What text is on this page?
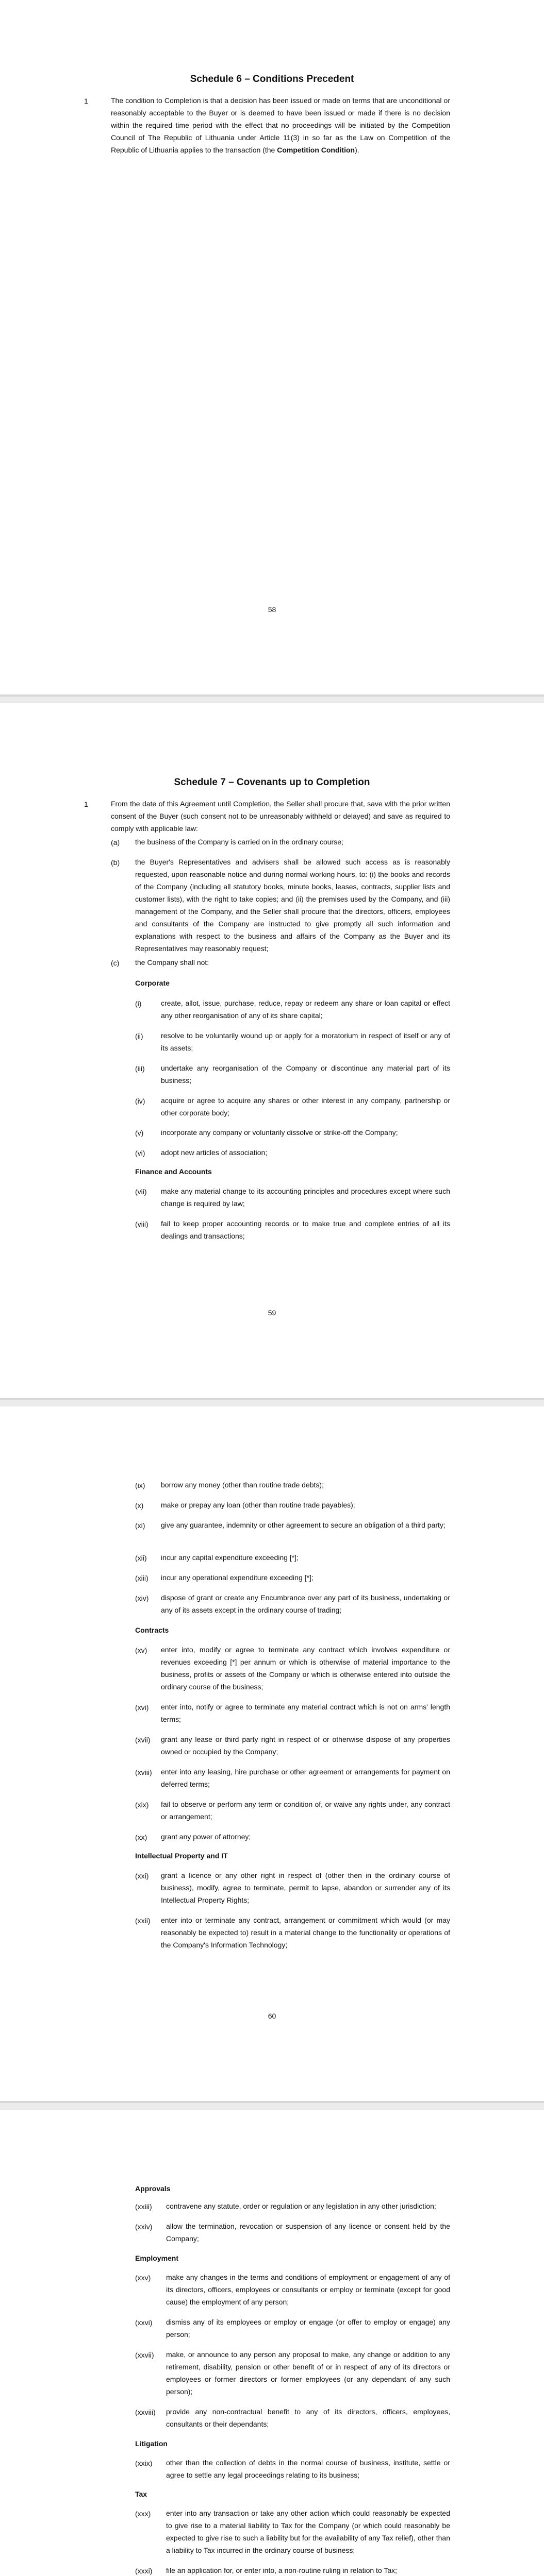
Schedule 6 – Conditions Precedent
1	The condition to Completion is that a decision has been issued or made on terms that are unconditional or reasonably acceptable to the Buyer or is deemed to have been issued or made if there is no decision within the required time period with the effect that no proceedings will be initiated by the Competition Council of The Republic of Lithuania under Article 11(3) in so far as the Law on Competition of the Republic of Lithuania applies to the transaction (the Competition Condition).
58
Schedule 7 – Covenants up to Completion
1	From the date of this Agreement until Completion, the Seller shall procure that, save with the prior written consent of the Buyer (such consent not to be unreasonably withheld or delayed) and save as required to comply with applicable law:
(a) the business of the Company is carried on in the ordinary course;
(b) the Buyer's Representatives and advisers shall be allowed such access as is reasonably requested, upon reasonable notice and during normal working hours, to: (i) the books and records of the Company (including all statutory books, minute books, leases, contracts, supplier lists and customer lists), with the right to take copies; and (ii) the premises used by the Company, and (iii) management of the Company, and the Seller shall procure that the directors, officers, employees and consultants of the Company are instructed to give promptly all such information and explanations with respect to the business and affairs of the Company as the Buyer and its Representatives may reasonably request;
(c) the Company shall not:
Corporate
(i)	create, allot, issue, purchase, reduce, repay or redeem any share or loan capital or effect any other reorganisation of any of its share capital;
(ii) resolve to be voluntarily wound up or apply for a moratorium in respect of itself or any of its assets;
(iii) undertake any reorganisation of the Company or discontinue any material part of its business;
(iv) acquire or agree to acquire any shares or other interest in any company, partnership or other corporate body;
(v) incorporate any company or voluntarily dissolve or strike-off the Company;
(vi) adopt new articles of association;
Finance and Accounts
(vii) make any material change to its accounting principles and procedures except where such change is required by law;
(viii) fail to keep proper accounting records or to make true and complete entries of all its dealings and transactions;
59
(ix) borrow any money (other than routine trade debts);
(x) make or prepay any loan (other than routine trade payables);
(xi) give any guarantee, indemnity or other agreement to secure an obligation of a third party;
(xii) incur any capital expenditure exceeding [*];
(xiii) incur any operational expenditure exceeding [*];
(xiv) dispose of grant or create any Encumbrance over any part of its business, undertaking or any of its assets except in the ordinary course of trading;
Contracts
(xv) enter into, modify or agree to terminate any contract which involves expenditure or revenues exceeding [*] per annum or which is otherwise of material importance to the business, profits or assets of the Company or which is otherwise entered into outside the ordinary course of the business;
(xvi) enter into, notify or agree to terminate any material contract which is not on arms' length terms;
(xvii) grant any lease or third party right in respect of or otherwise dispose of any properties owned or occupied by the Company;
(xviii) enter into any leasing, hire purchase or other agreement or arrangements for payment on deferred terms;
(xix) fail to observe or perform any term or condition of, or waive any rights under, any contract or arrangement;
(xx) grant any power of attorney;
Intellectual Property and IT
(xxi) grant a licence or any other right in respect of (other then in the ordinary course of business), modify, agree to terminate, permit to lapse, abandon or surrender any of its Intellectual Property Rights;
(xxii) enter into or terminate any contract, arrangement or commitment which would (or may reasonably be expected to) result in a material change to the functionality or operations of the Company's Information Technology;
60
Approvals
(xxiii) contravene any statute, order or regulation or any legislation in any other jurisdiction;
(xxiv) allow the termination, revocation or suspension of any licence or consent held by the Company;
Employment
(xxv) make any changes in the terms and conditions of employment or engagement of any of its directors, officers, employees or consultants or employ or terminate (except for good cause) the employment of any person;
(xxvi) dismiss any of its employees or employ or engage (or offer to employ or engage) any person;
(xxvii) make, or announce to any person any proposal to make, any change or addition to any retirement, disability, pension or other benefit of or in respect of any of its directors or employees or former directors or former employees (or any dependant of any such person);
(xxviii) provide any non-contractual benefit to any of its directors, officers, employees, consultants or their dependants;
Litigation
(xxix) other than the collection of debts in the normal course of business, institute, settle or agree to settle any legal proceedings relating to its business;
Tax
(xxx) enter into any transaction or take any other action which could reasonably be expected to give rise to a material liability to Tax for the Company (or which could reasonably be expected to give rise to such a liability but for the availability of any Tax relief), other than a liability to Tax incurred in the ordinary course of business;
(xxxi) file an application for, or enter into, a non-routine ruling in relation to Tax;
